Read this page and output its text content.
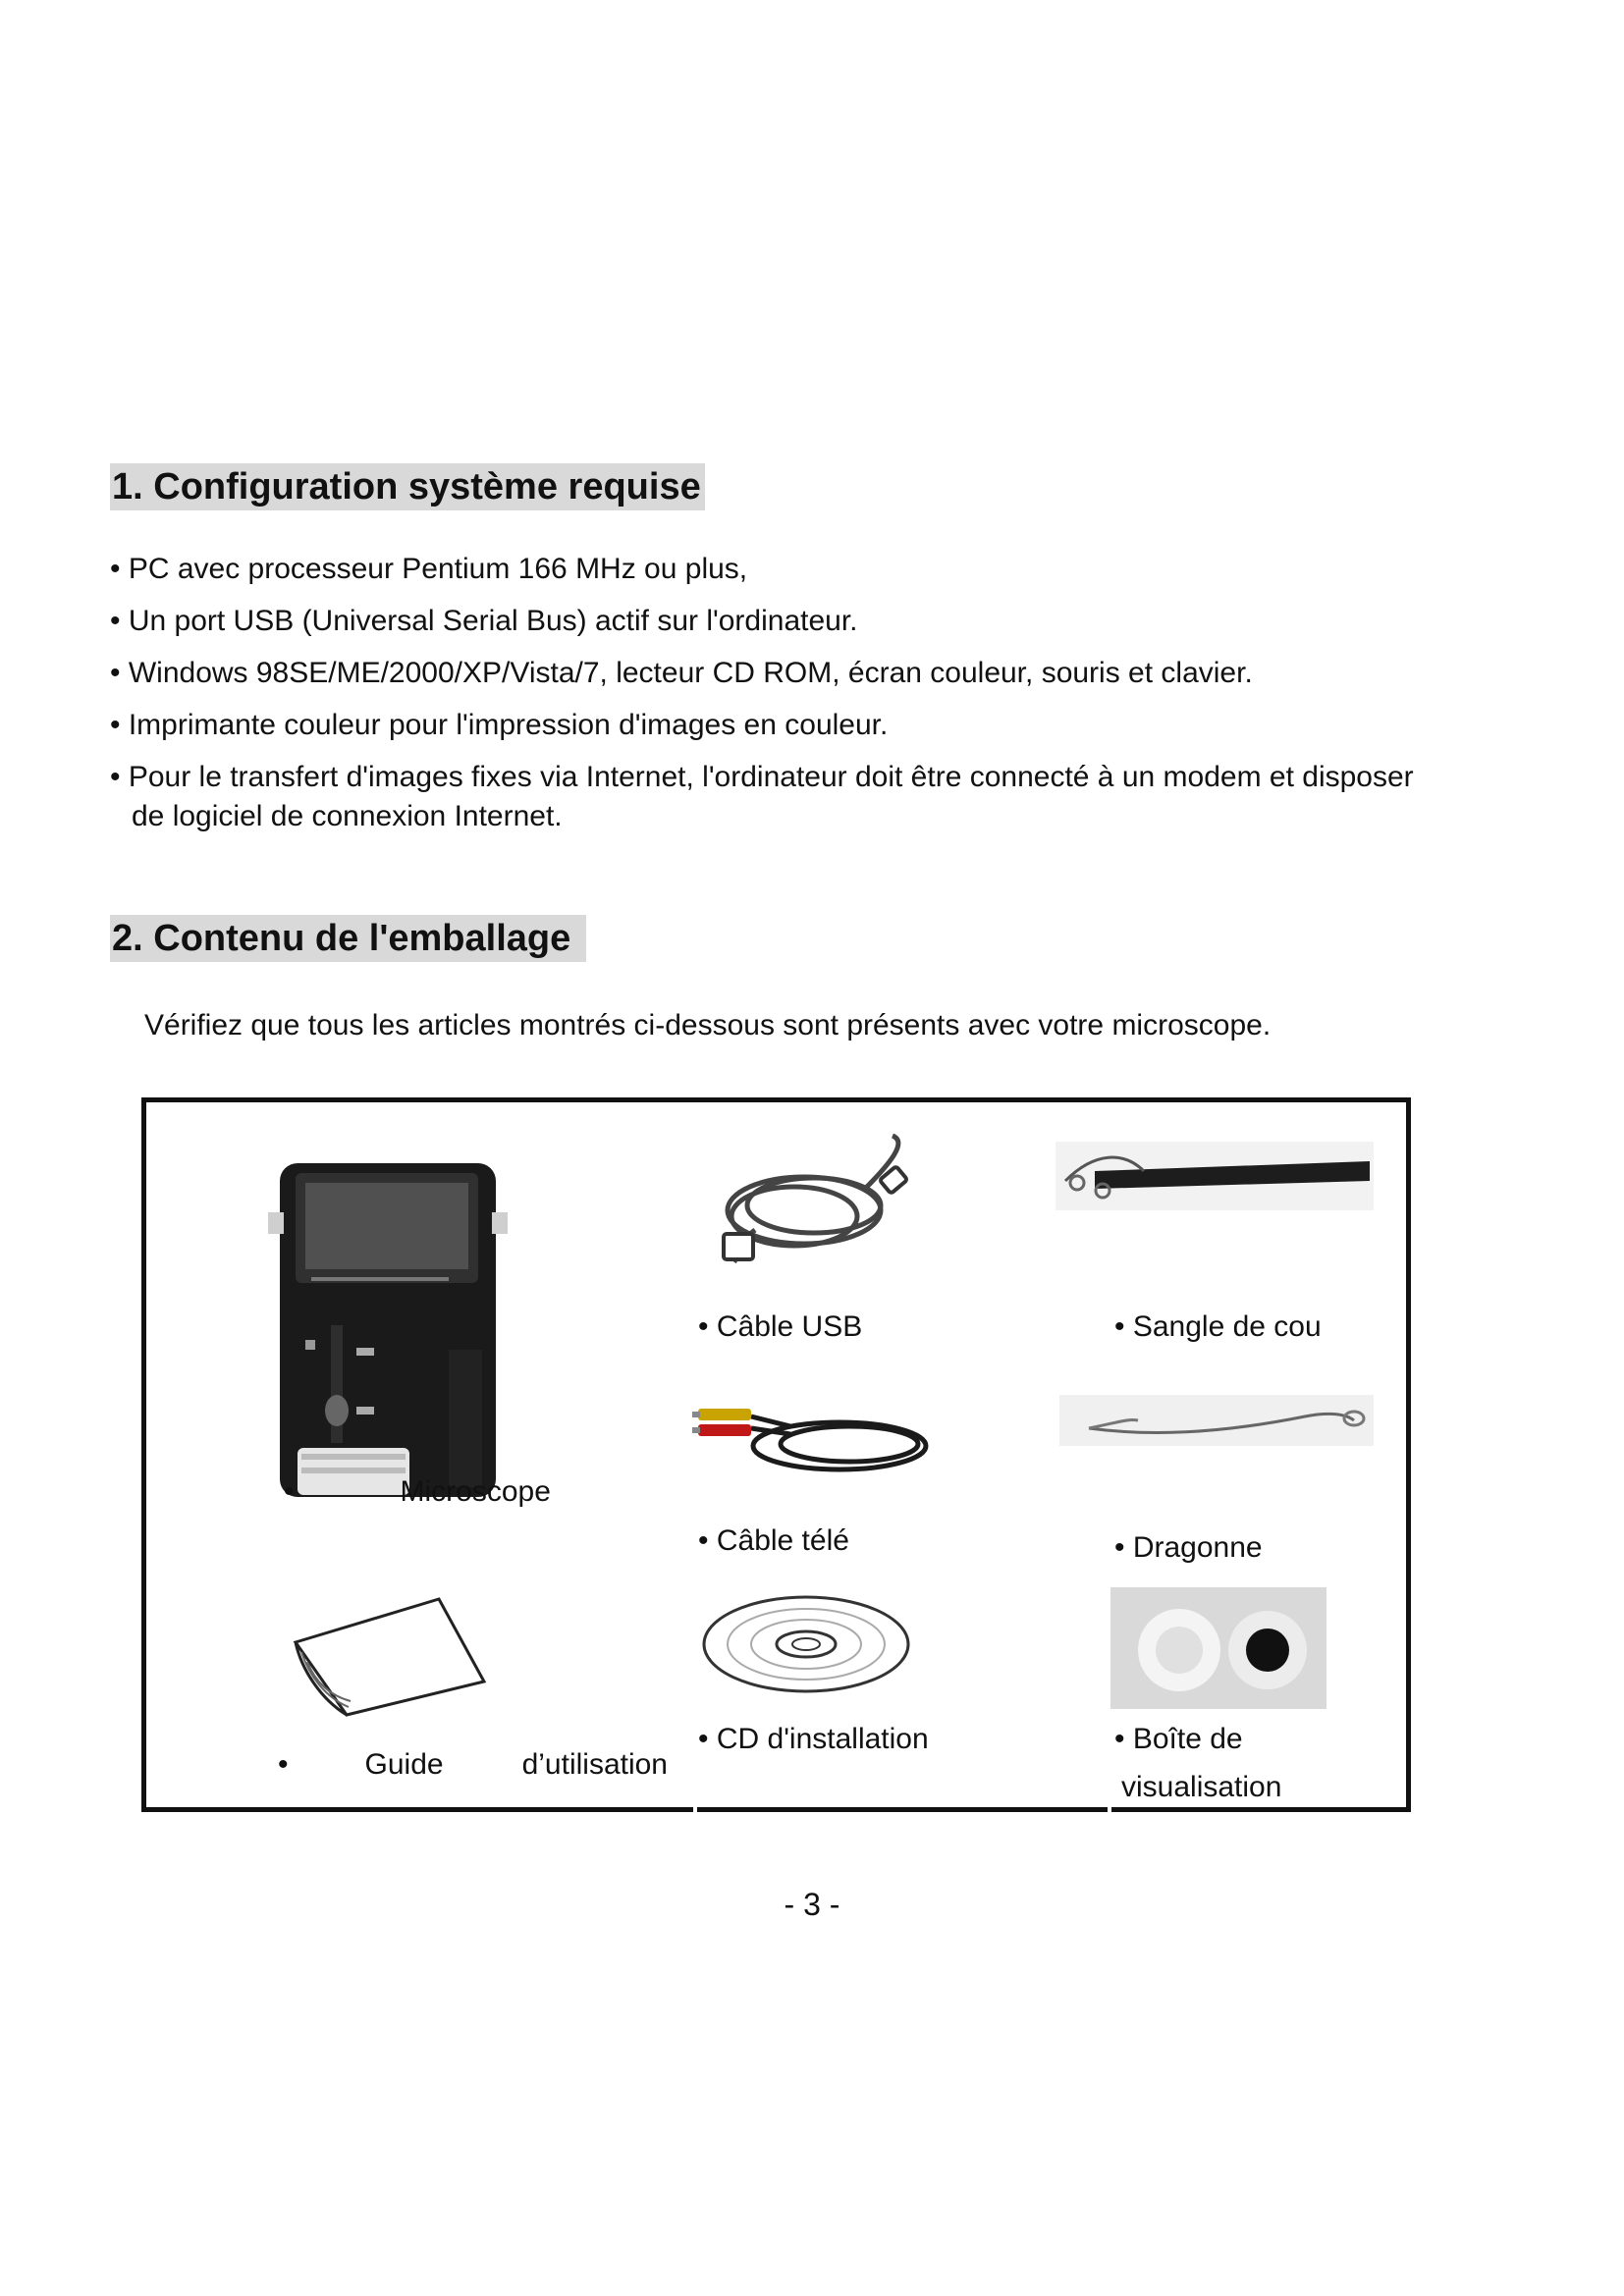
1. Configuration système requise
• PC avec processeur Pentium 166 MHz ou plus,
• Un port USB (Universal Serial Bus) actif sur l'ordinateur.
• Windows 98SE/ME/2000/XP/Vista/7, lecteur CD ROM, écran couleur, souris et clavier.
• Imprimante couleur pour l'impression d'images en couleur.
• Pour le transfert d'images fixes via Internet, l'ordinateur doit être connecté à un modem et disposer
de logiciel de connexion Internet.
2. Contenu de l'emballage
Vérifiez que tous les articles montrés ci-dessous sont présents avec votre microscope.
•	Microscope
• Câble USB	• Sangle de cou
• Câble télé	• Dragonne
•	Guide	d’utilisation
• CD d'installation	• Boîte de
visualisation
- 3 -
